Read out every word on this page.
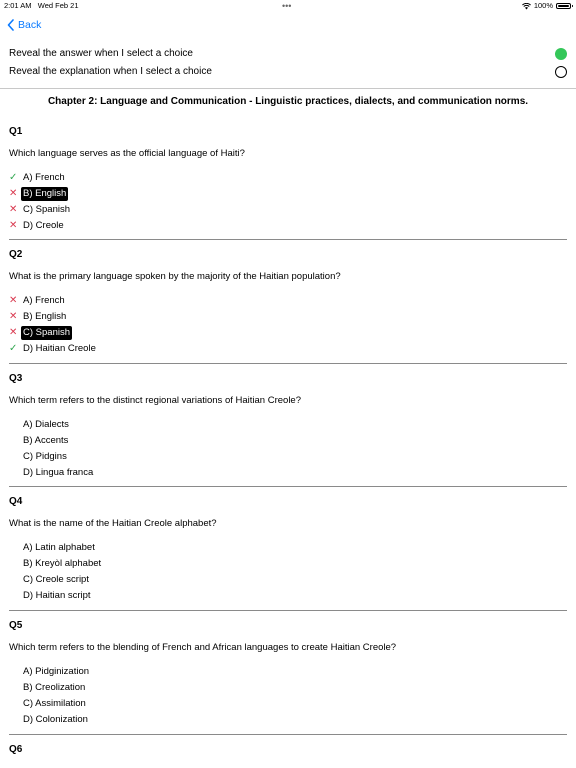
2:01 AM Wed Feb 21	•••	100%
Back
Reveal the answer when I select a choice
Reveal the explanation when I select a choice
Chapter 2: Language and Communication - Linguistic practices, dialects, and communication norms.
Q1
Which language serves as the official language of Haiti?
✓ A) French
✕ B) English
✕ C) Spanish
✕ D) Creole
Q2
What is the primary language spoken by the majority of the Haitian population?
✕ A) French
✕ B) English
✕ C) Spanish
✓ D) Haitian Creole
Q3
Which term refers to the distinct regional variations of Haitian Creole?
A) Dialects
B) Accents
C) Pidgins
D) Lingua franca
Q4
What is the name of the Haitian Creole alphabet?
A) Latin alphabet
B) Kreyòl alphabet
C) Creole script
D) Haitian script
Q5
Which term refers to the blending of French and African languages to create Haitian Creole?
A) Pidginization
B) Creolization
C) Assimilation
D) Colonization
Q6
